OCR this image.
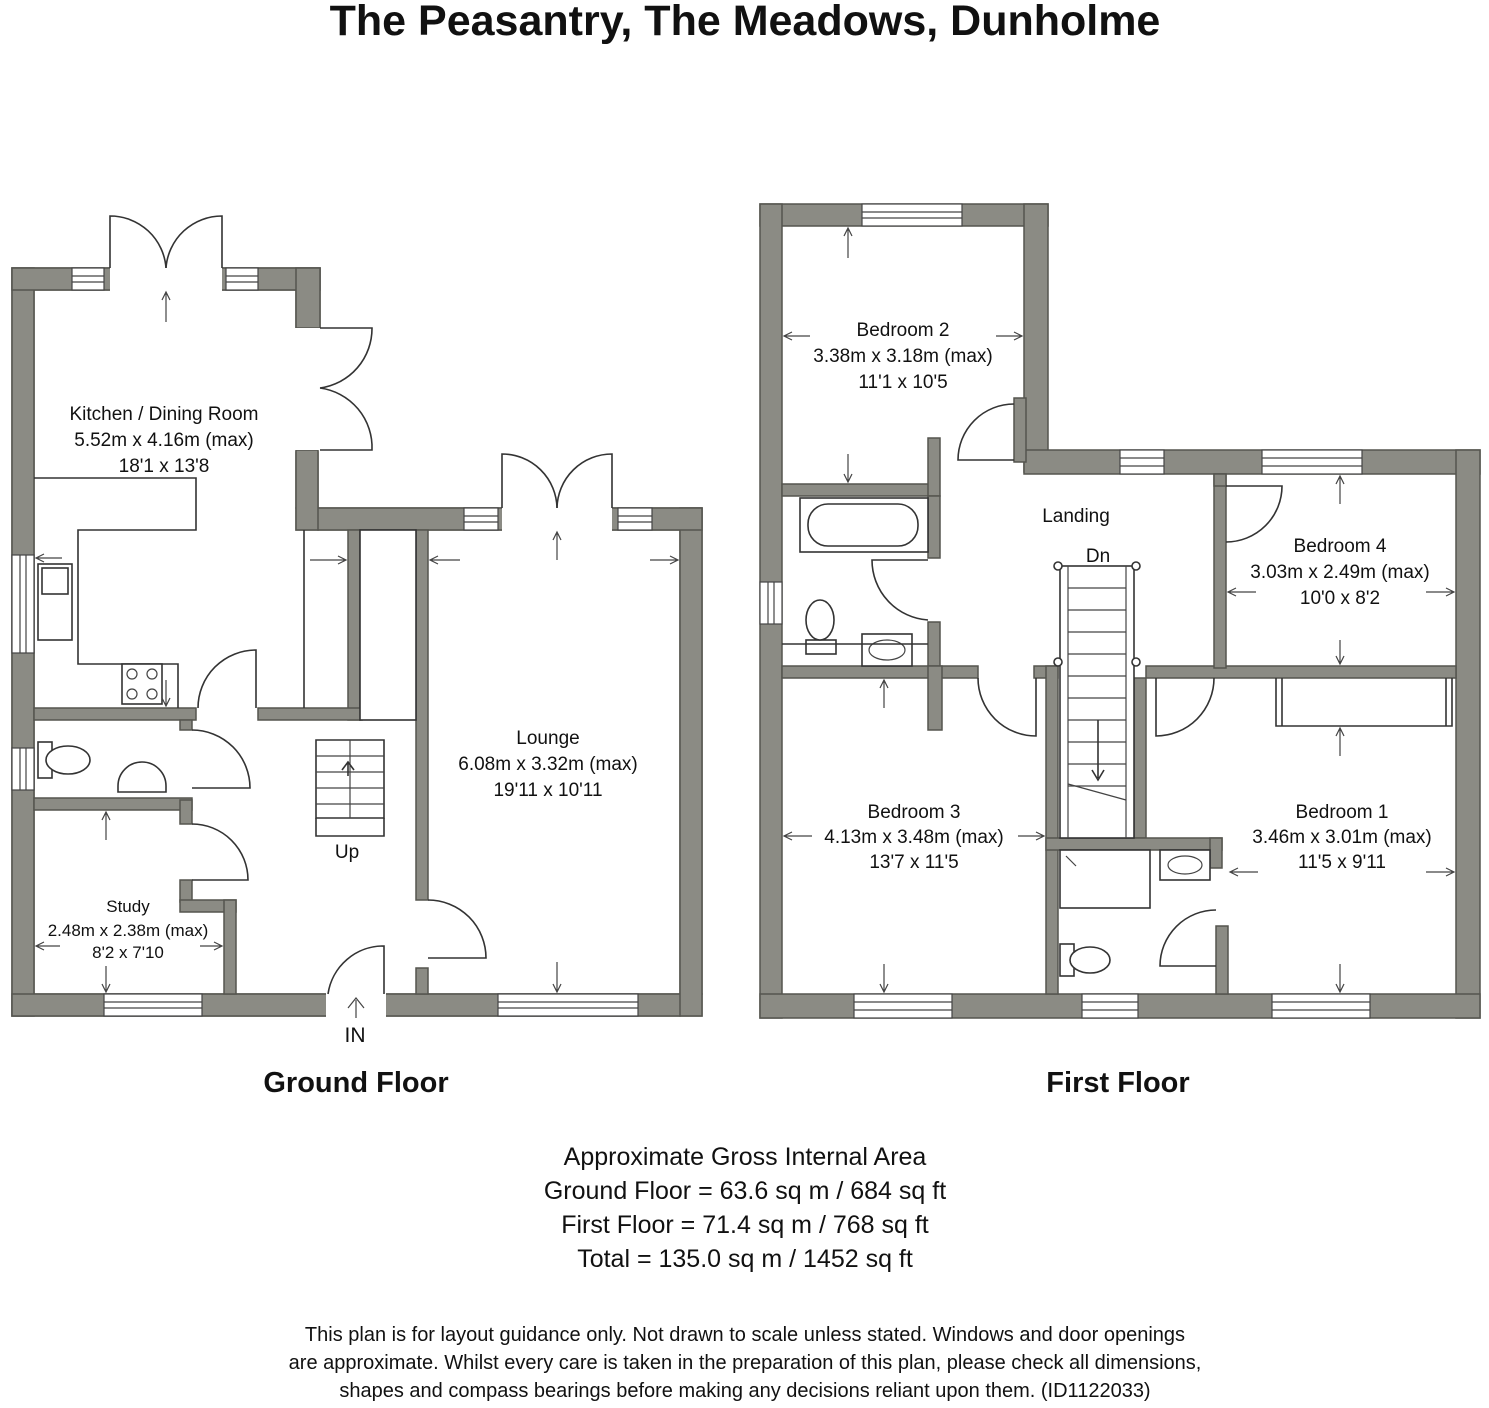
The Peasantry, The Meadows, Dunholme
Kitchen / Dining Room
5.52m x 4.16m (max)
18'1 x 13'8
Lounge
6.08m x 3.32m (max)
19'11 x 10'11
Study
2.48m x 2.38m (max)
8'2 x 7'10
Up
IN
Ground Floor
Bedroom 2
3.38m x 3.18m (max)
11'1 x 10'5
Bedroom 4
3.03m x 2.49m (max)
10'0 x 8'2
Bedroom 3
4.13m x 3.48m (max)
13'7 x 11'5
Bedroom 1
3.46m x 3.01m (max)
11'5 x 9'11
Landing
Dn
First Floor
Approximate Gross Internal Area
Ground Floor = 63.6 sq m / 684 sq ft
First Floor = 71.4 sq m / 768 sq ft
Total = 135.0 sq m / 1452 sq ft
This plan is for layout guidance only. Not drawn to scale unless stated. Windows and door openings
are approximate. Whilst every care is taken in the preparation of this plan, please check all dimensions,
shapes and compass bearings before making any decisions reliant upon them. (ID1122033)
